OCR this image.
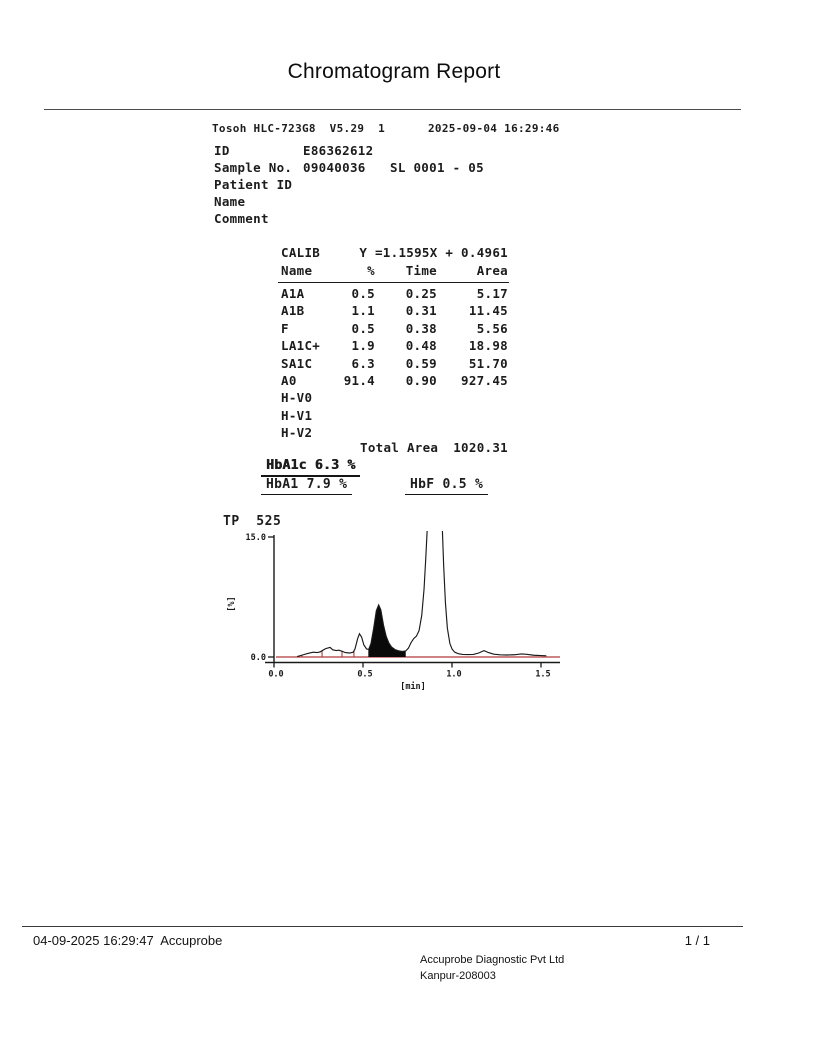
Chromatogram Report
Tosoh HLC-723G8  V5.29  1	2025-09-04 16:29:46
ID	E86362612
Sample No. 09040036 SL 0001 - 05
Patient ID
Name
Comment
CALIB	Y =1.1595X + 0.4961
Name	%	Time	Area
A1A	0.5	0.25	5.17
A1B	1.1	0.31	11.45
F	0.5	0.38	5.56
LA1C+	1.9	0.48	18.98
SA1C	6.3	0.59	51.70
A0	91.4	0.90	927.45
H-V0
H-V1
H-V2
Total Area	1020.31
HbA1c 6.3 %
HbA1 7.9 %	HbF 0.5 %
TP  525
15.0
0.0
0.0	0.5	1.0	1.5
[min]
[%]
04-09-2025 16:29:47  Accuprobe	1 / 1
Accuprobe Diagnostic Pvt Ltd
Kanpur-208003
